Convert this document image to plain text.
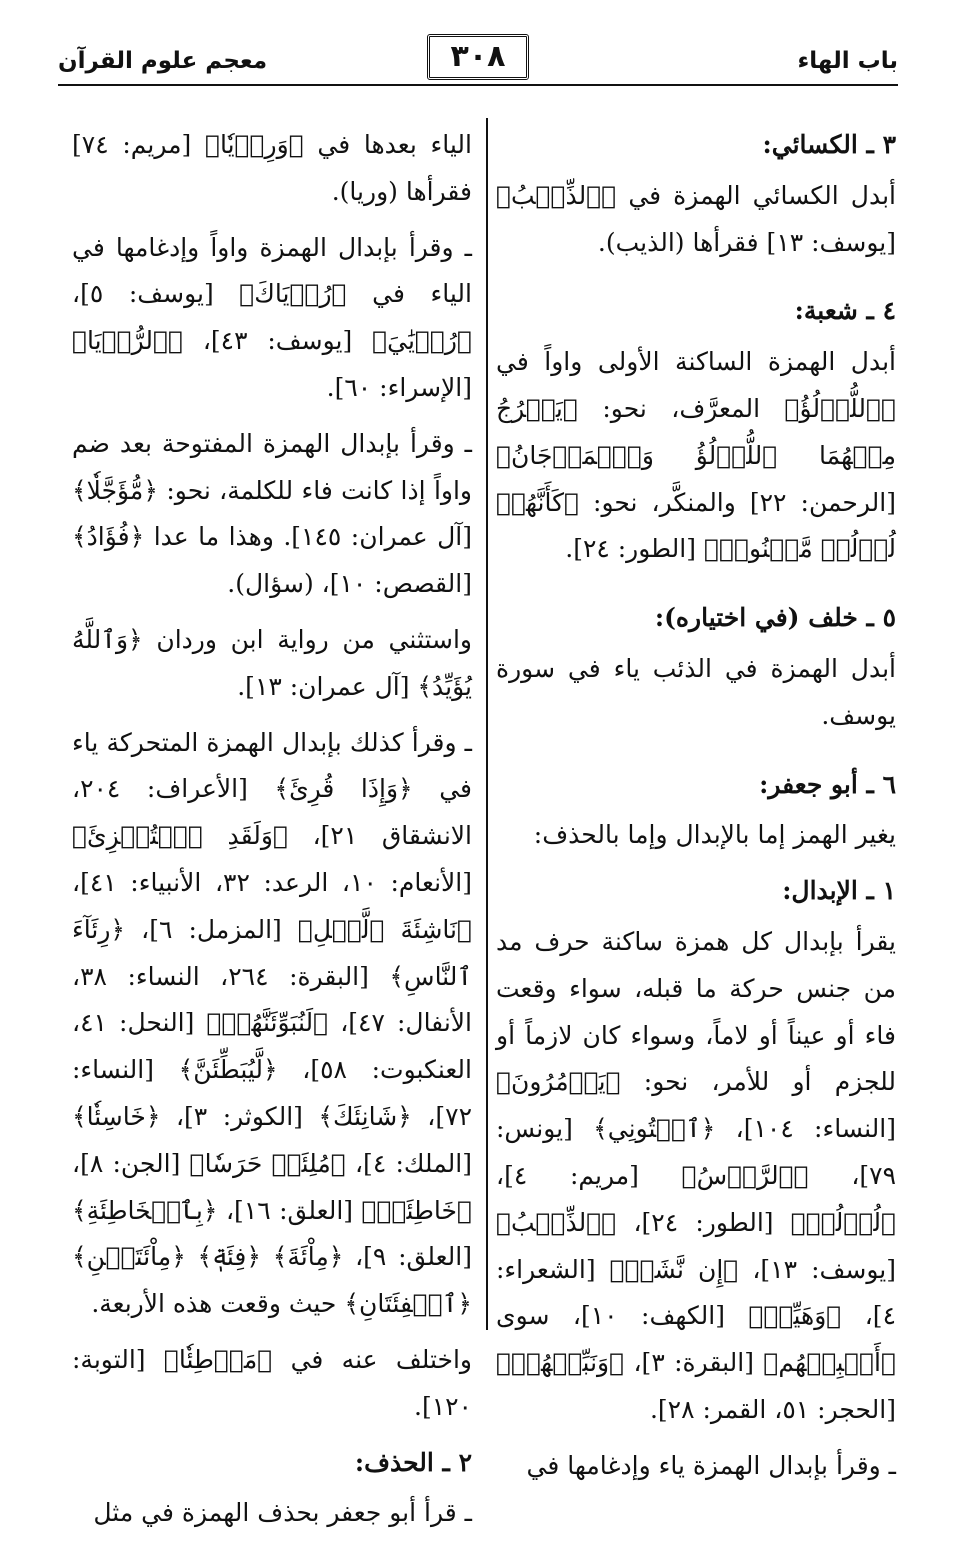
باب الهاء
٣٠٨
معجم علوم القرآن

٣ ـ الكسائي:

أبدل الكسائي الهمزة في ﴿ٱلذِّئۡبُ﴾ [يوسف: ١٣] فقرأها (الذيب).

٤ ـ شعبة:

أبدل الهمزة الساكنة الأولى واواً في ﴿ٱللُّؤۡلُؤُ﴾ المعرَّف، نحو: ﴿يَخۡرُجُ مِنۡهُمَا ٱللُّؤۡلُؤُ وَٱلۡمَرۡجَانُ﴾ [الرحمن: ٢٢] والمنكَّر، نحو: ﴿كَأَنَّهُمۡ لُؤۡلُؤٞ مَّكۡنُونٞ﴾ [الطور: ٢٤].

٥ ـ خلف (في اختياره):

أبدل الهمزة في الذئب ياء في سورة يوسف.

٦ ـ أبو جعفر:

يغير الهمز إما بالإبدال وإما بالحذف:

١ ـ الإبدال:

يقرأ بإبدال كل همزة ساكنة حرف مد من جنس حركة ما قبله، سواء وقعت فاء أو عيناً أو لاماً، وسواء كان لازماً أو للجزم أو للأمر، نحو: ﴿يَأۡمُرُونَ﴾ [النساء: ١٠٤]، ﴿ٱئۡتُونِي﴾ [يونس: ٧٩]، ﴿ٱلرَّأۡسُ﴾ [مريم: ٤]، ﴿لُؤۡلُؤٞ﴾ [الطور: ٢٤]، ﴿ٱلذِّئۡبُ﴾ [يوسف: ١٣]، ﴿إِن نَّشَأۡ﴾ [الشعراء: ٤]، ﴿وَهَيِّئۡ﴾ [الكهف: ١٠]، سوى ﴿أَنۢبِئۡهُم﴾ [البقرة: ٣]، ﴿وَنَبِّئۡهُمۡ﴾ [الحجر: ٥١، القمر: ٢٨].

ـ وقرأ بإبدال الهمزة ياء وإدغامها في

الياء بعدها في ﴿وَرِءۡيٗا﴾ [مريم: ٧٤] فقرأها (وريا).

ـ وقرأ بإبدال الهمزة واواً وإدغامها في الياء في ﴿رُءۡيَاكَ﴾ [يوسف: ٥]، ﴿رُءۡيَٰيَ﴾ [يوسف: ٤٣]، ﴿ٱلرُّءۡيَا﴾ [الإسراء: ٦٠].

ـ وقرأ بإبدال الهمزة المفتوحة بعد ضم واواً إذا كانت فاء للكلمة، نحو: ﴿مُّؤَجَّلٗا﴾ [آل عمران: ١٤٥]. وهذا ما عدا ﴿فُؤَادُ﴾ [القصص: ١٠]، (سؤال).

واستثني من رواية ابن وردان ﴿وَٱللَّهُ يُؤَيِّدُ﴾ [آل عمران: ١٣].

ـ وقرأ كذلك بإبدال الهمزة المتحركة ياء في ﴿وَإِذَا قُرِئَ﴾ [الأعراف: ٢٠٤، الانشقاق ٢١]، ﴿وَلَقَدِ ٱسۡتُهۡزِئَ﴾ [الأنعام: ١٠، الرعد: ٣٢، الأنبياء: ٤١]، ﴿نَاشِئَةَ ٱلَّيۡلِ﴾ [المزمل: ٦]، ﴿رِئَآءَ ٱلنَّاسِ﴾ [البقرة: ٢٦٤، النساء: ٣٨، الأنفال: ٤٧]، ﴿لَنُبَوِّئَنَّهُمۡ﴾ [النحل: ٤١، العنكبوت: ٥٨]، ﴿لَّيُبَطِّئَنَّ﴾ [النساء: ٧٢]، ﴿شَانِئَكَ﴾ [الكوثر: ٣]، ﴿خَاسِئٗا﴾ [الملك: ٤]، ﴿مُلِئَتۡ حَرَسٗا﴾ [الجن: ٨]، ﴿خَاطِئَةٖ﴾ [العلق: ١٦]، ﴿بِٱلۡخَاطِئَةِ﴾ [العلق: ٩]، ﴿مِاْئَةَ﴾ ﴿فِئَةٖ﴾ ﴿مِاْئَتَيۡنِ﴾ ﴿ٱلۡفِئَتَانِ﴾ حيث وقعت هذه الأربعة.

واختلف عنه في ﴿مَوۡطِئٗا﴾ [التوبة: ١٢٠].

٢ ـ الحذف:

ـ قرأ أبو جعفر بحذف الهمزة في مثل
